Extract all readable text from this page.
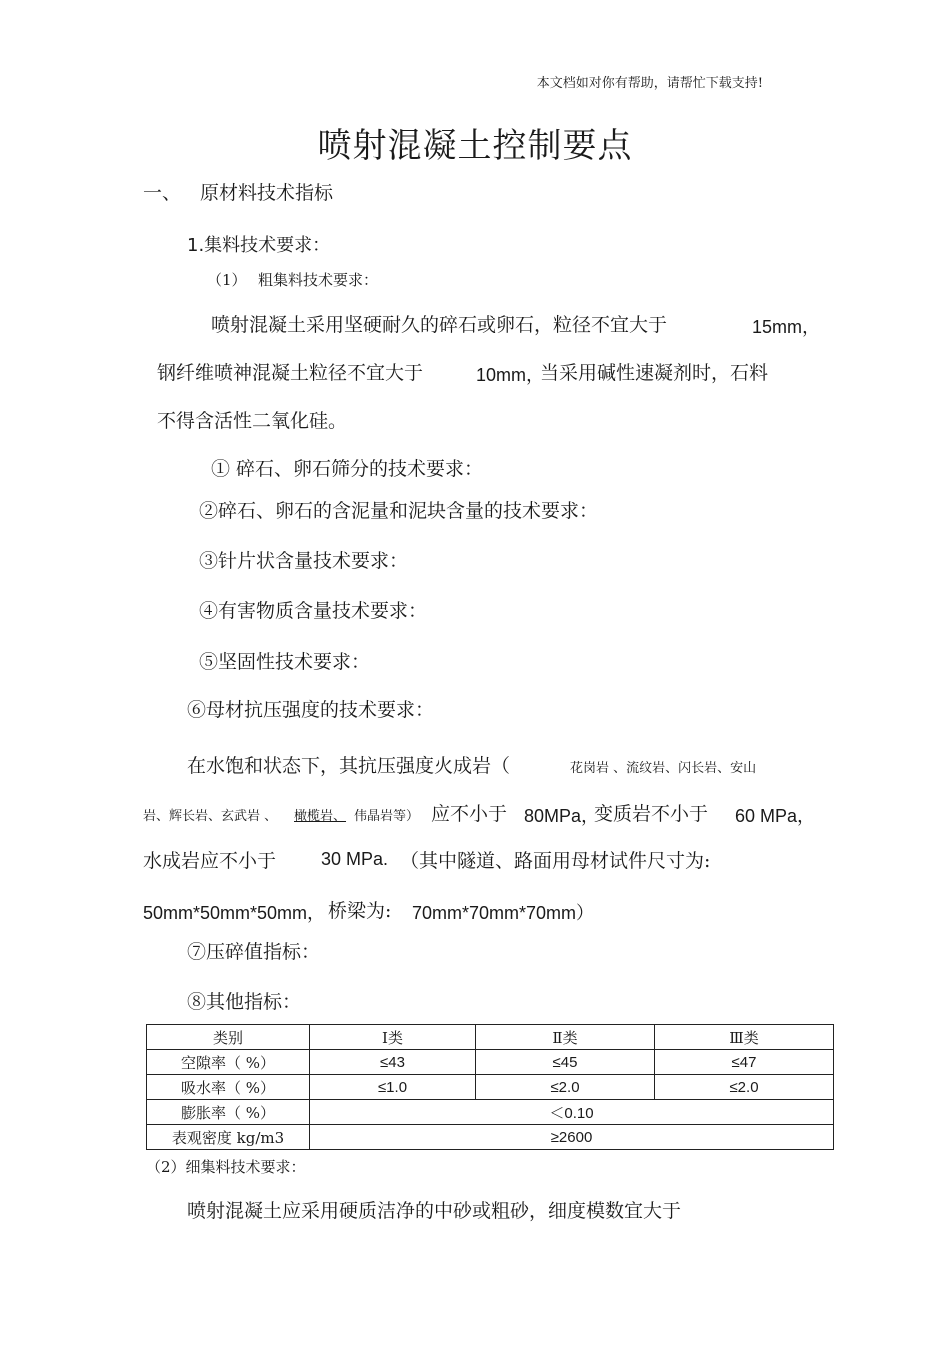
本文档如对你有帮助，请帮忙下载支持!
喷射混凝土控制要点
一、 原材料技术指标
1.集料技术要求：
（1） 粗集料技术要求：
喷射混凝土采用坚硬耐久的碎石或卵石，粒径不宜大于	15mm，
钢纤维喷神混凝土粒径不宜大于	10mm，
当采用碱性速凝剂时，石料
不得含活性二氧化硅。
① 碎石、卵石筛分的技术要求：
②碎石、卵石的含泥量和泥块含量的技术要求：
③针片状含量技术要求：
④有害物质含量技术要求：
⑤坚固性技术要求：
⑥母材抗压强度的技术要求：
在水饱和状态下，其抗压强度火成岩（	花岗岩 、流纹岩、闪长岩、安山
岩、辉长岩、玄武岩 、 橄榄岩、 伟晶岩等） 应不小于 80MPa，
变质岩不小于 60 MPa，
水成岩应不小于 30 MPa. （其中隧道、路面用母材试件尺寸为:
50mm*50mm*50mm， 桥梁为: 70mm*70mm*70mm）
⑦压碎值指标：
⑧其他指标：
类别	Ⅰ类	Ⅱ类	Ⅲ类
空隙率（ %）	≤43	≤45	≤47
吸水率（ %）	≤1.0	≤2.0	≤2.0
膨胀率（ %）	＜0.10		
表观密度 kg/m3	≥2600		
（2）细集料技术要求：
喷射混凝土应采用硬质洁净的中砂或粗砂，细度模数宜大于
